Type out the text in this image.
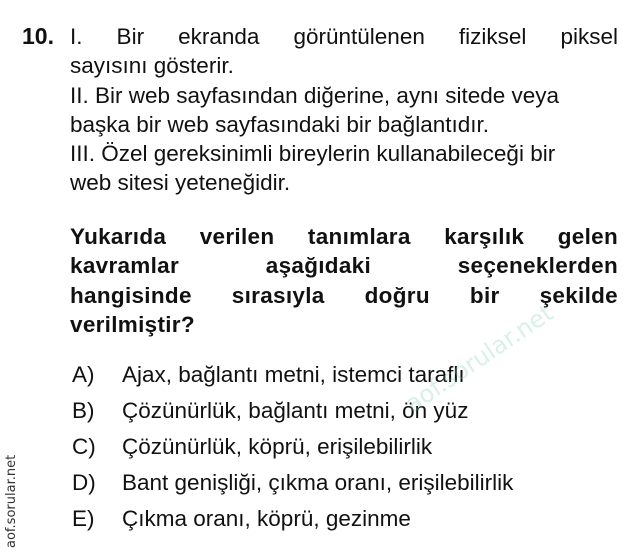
10. I. Bir ekranda görüntülenen fiziksel piksel

sayısını gösterir.

II. Bir web sayfasından diğerine, aynı sitede veya

başka bir web sayfasındaki bir bağlantıdır.

III. Özel gereksinimli bireylerin kullanabileceği bir

web sitesi yeteneğidir.

Yukarıda verilen tanımlara karşılık gelen
kavramlar aşağıdaki seçeneklerden
hangisinde sırasıyla doğru bir şekilde
verilmiştir?
A) Ajax, bağlantı metni, istemci taraflı
B) Çözünürlük, bağlantı metni, ön yüz
C) Çözünürlük, köprü, erişilebilirlik
D) Bant genişliği, çıkma oranı, erişilebilirlik
E) Çıkma oranı, köprü, gezinme
aof.sorular.net
aof.sorular.net
